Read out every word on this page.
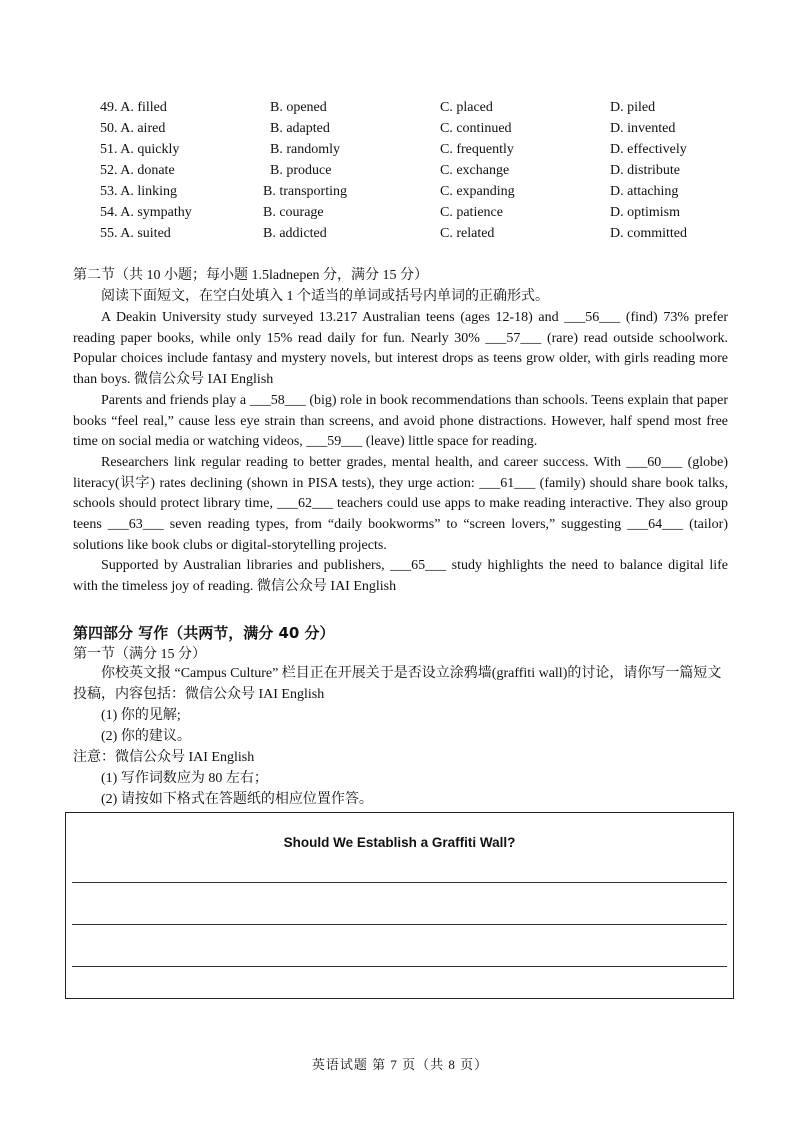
49. A. filled	B. opened	C. placed	D. piled
50. A. aired	B. adapted	C. continued	D. invented
51. A. quickly	B. randomly	C. frequently	D. effectively
52. A. donate	B. produce	C. exchange	D. distribute
53. A. linking	B. transporting	C. expanding	D. attaching
54. A. sympathy	B. courage	C. patience	D. optimism
55. A. suited	B. addicted	C. related	D. committed
第二节（共 10 小题；每小题 1.5ladnepen 分，满分 15 分）
阅读下面短文，在空白处填入 1 个适当的单词或括号内单词的正确形式。

A Deakin University study surveyed 13.217 Australian teens (ages 12-18) and ___56___ (find) 73% prefer reading paper books, while only 15% read daily for fun. Nearly 30% ___57___ (rare) read outside schoolwork. Popular choices include fantasy and mystery novels, but interest drops as teens grow older, with girls reading more than boys. 微信公众号 IAI English

Parents and friends play a ___58___ (big) role in book recommendations than schools. Teens explain that paper books “feel real,” cause less eye strain than screens, and avoid phone distractions. However, half spend most free time on social media or watching videos, ___59___ (leave) little space for reading.

Researchers link regular reading to better grades, mental health, and career success. With ___60___ (globe) literacy(识字) rates declining (shown in PISA tests), they urge action: ___61___ (family) should share book talks, schools should protect library time, ___62___ teachers could use apps to make reading interactive. They also group teens ___63___ seven reading types, from “daily bookworms” to “screen lovers,” suggesting ___64___ (tailor) solutions like book clubs or digital-storytelling projects.

Supported by Australian libraries and publishers, ___65___ study highlights the need to balance digital life with the timeless joy of reading. 微信公众号 IAI English

第四部分 写作（共两节，满分 40 分）
第一节（满分 15 分）
你校英文报 “Campus Culture” 栏目正在开展关于是否设立涂鸦墙(graffiti wall)的讨论，请你写一篇短文
投稿，内容包括：微信公众号 IAI English
(1) 你的见解;
(2) 你的建议。
注意：微信公众号 IAI English
(1) 写作词数应为 80 左右；
(2) 请按如下格式在答题纸的相应位置作答。
Should We Establish a Graffiti Wall?
英语试题 第 7 页（共 8 页）
